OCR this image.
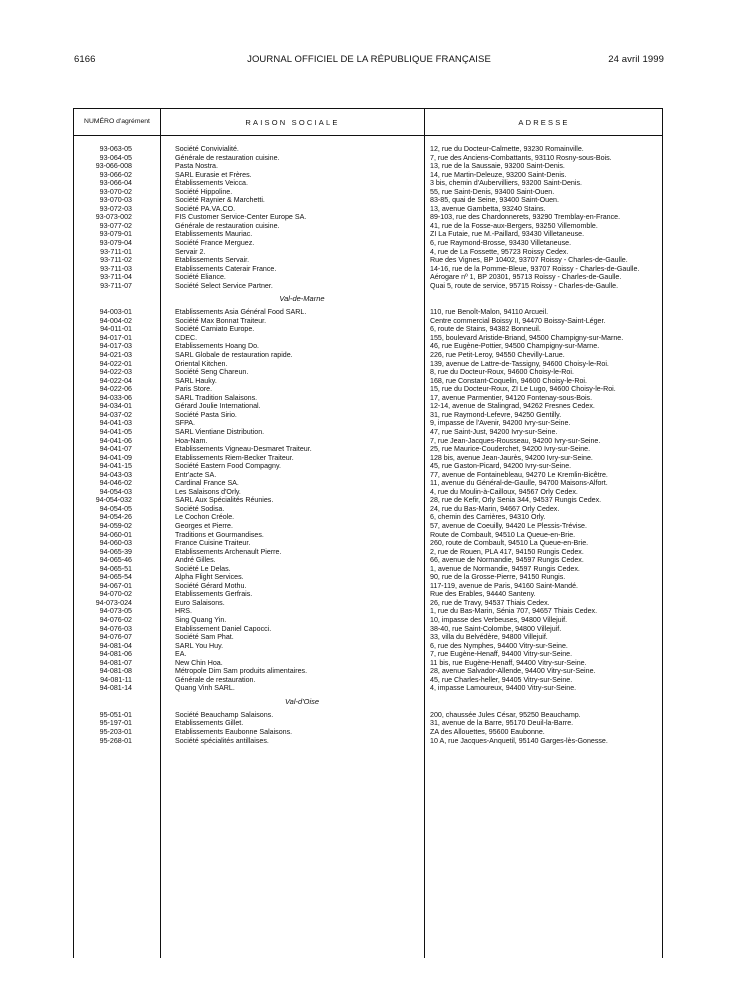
6166	JOURNAL OFFICIEL DE LA RÉPUBLIQUE FRANÇAISE	24 avril 1999
NUMÉRO d'agrément	RAISON SOCIALE	ADRESSE
93-063-05	Société Convivialité.	12, rue du Docteur-Calmette, 93230 Romainville.
93-064-05	Générale de restauration cuisine.	7, rue des Anciens-Combattants, 93110 Rosny-sous-Bois.
93-066-008	Pasta Nostra.	13, rue de la Saussaie, 93200 Saint-Denis.
93-066-02	SARL Eurasie et Frères.	14, rue Martin-Deleuze, 93200 Saint-Denis.
93-066-04	Établissements Veicca.	3 bis, chemin d'Aubervilliers, 93200 Saint-Denis.
93-070-02	Société Hippoline.	55, rue Saint-Denis, 93400 Saint-Ouen.
93-070-03	Société Raynier & Marchetti.	83-85, quai de Seine, 93400 Saint-Ouen.
93-072-03	Société PA.VA.CO.	13, avenue Gambetta, 93240 Stains.
93-073-002	FIS Customer Service-Center Europe SA.	89-103, rue des Chardonnerets, 93290 Tremblay-en-France.
93-077-02	Générale de restauration cuisine.	41, rue de la Fosse-aux-Bergers, 93250 Villemomble.
93-079-01	Etablissements Mauriac.	ZI La Futaie, rue M.-Paillard, 93430 Villetaneuse.
93-079-04	Société France Merguez.	6, rue Raymond-Brosse, 93430 Villetaneuse.
93-711-01	Servair 2.	4, rue de La Fossette, 95723 Roissy Cedex.
93-711-02	Etablissements Servair.	Rue des Vignes, BP 10402, 93707 Roissy - Charles-de-Gaulle.
93-711-03	Etablissements Caterair France.	14-16, rue de la Pomme-Bleue, 93707 Roissy - Charles-de-Gaulle.
93-711-04	Société Eliance.	Aérogare nº 1, BP 20301, 95713 Roissy - Charles-de-Gaulle.
93-711-07	Société Select Service Partner.	Quai 5, route de service, 95715 Roissy - Charles-de-Gaulle.
Val-de-Marne
94-003-01	Etablissements Asia Général Food SARL.	110, rue Benoît-Malon, 94110 Arcueil.
94-004-02	Société Max Bonnat Traiteur.	Centre commercial Boissy II, 94470 Boissy-Saint-Léger.
94-011-01	Société Carniato Europe.	6, route de Stains, 94382 Bonneuil.
94-017-01	CDEC.	155, boulevard Aristide-Briand, 94500 Champigny-sur-Marne.
94-017-03	Etablissements Hoang Do.	46, rue Eugène-Pottier, 94500 Champigny-sur-Marne.
94-021-03	SARL Globale de restauration rapide.	226, rue Petit-Leroy, 94550 Chevilly-Larue.
94-022-01	Oriental Kitchen.	139, avenue de Lattre-de-Tassigny, 94600 Choisy-le-Roi.
94-022-03	Société Seng Chareun.	8, rue du Docteur-Roux, 94600 Choisy-le-Roi.
94-022-04	SARL Hauky.	168, rue Constant-Coquelin, 94600 Choisy-le-Roi.
94-022-06	Paris Store.	15, rue du Docteur-Roux, ZI Le Lugo, 94600 Choisy-le-Roi.
94-033-06	SARL Tradition Salaisons.	17, avenue Parmentier, 94120 Fontenay-sous-Bois.
94-034-01	Gérard Joulie International.	12-14, avenue de Stalingrad, 94262 Fresnes Cedex.
94-037-02	Société Pasta Sirio.	31, rue Raymond-Lefevre, 94250 Gentilly.
94-041-03	SFPA.	9, impasse de l'Avenir, 94200 Ivry-sur-Seine.
94-041-05	SARL Vientiane Distribution.	47, rue Saint-Just, 94200 Ivry-sur-Seine.
94-041-06	Hoa-Nam.	7, rue Jean-Jacques-Rousseau, 94200 Ivry-sur-Seine.
94-041-07	Etablissements Vigneau-Desmaret Traiteur.	25, rue Maurice-Couderchet, 94200 Ivry-sur-Seine.
94-041-09	Etablissements Riem-Becker Traiteur.	128 bis, avenue Jean-Jaurès, 94200 Ivry-sur-Seine.
94-041-15	Société Eastern Food Compagny.	45, rue Gaston-Picard, 94200 Ivry-sur-Seine.
94-043-03	Entr'acte SA.	77, avenue de Fontainebleau, 94270 Le Kremlin-Bicêtre.
94-046-02	Cardinal France SA.	11, avenue du Général-de-Gaulle, 94700 Maisons-Alfort.
94-054-03	Les Salaisons d'Orly.	4, rue du Moulin-à-Cailloux, 94567 Orly Cedex.
94-054-032	SARL Aux Spécialités Réunies.	28, rue de Kefir, Orly Senia 344, 94537 Rungis Cedex.
94-054-05	Société Sodisa.	24, rue du Bas-Marin, 94667 Orly Cedex.
94-054-26	Le Cochon Créole.	6, chemin des Carrières, 94310 Orly.
94-059-02	Georges et Pierre.	57, avenue de Coeuilly, 94420 Le Plessis-Trévise.
94-060-01	Traditions et Gourmandises.	Route de Combault, 94510 La Queue-en-Brie.
94-060-03	France Cuisine Traiteur.	260, route de Combault, 94510 La Queue-en-Brie.
94-065-39	Etablissements Archenault Pierre.	2, rue de Rouen, PLA 417, 94150 Rungis Cedex.
94-065-46	André Gilles.	66, avenue de Normandie, 94597 Rungis Cedex.
94-065-51	Société Le Delas.	1, avenue de Normandie, 94597 Rungis Cedex.
94-065-54	Alpha Flight Services.	90, rue de la Grosse-Pierre, 94150 Rungis.
94-067-01	Société Gérard Mothu.	117-119, avenue de Paris, 94160 Saint-Mandé.
94-070-02	Etablissements Gerfrais.	Rue des Erables, 94440 Santeny.
94-073-024	Euro Salaisons.	26, rue de Travy, 94537 Thiais Cedex.
94-073-05	HRS.	1, rue du Bas-Marin, Sénia 707, 94657 Thiais Cedex.
94-076-02	Sing Quang Yin.	10, impasse des Verbeuses, 94800 Villejuif.
94-076-03	Etablissement Daniel Capocci.	38-40, rue Saint-Colombe, 94800 Villejuif.
94-076-07	Société Sam Phat.	33, villa du Belvédère, 94800 Villejuif.
94-081-04	SARL You Huy.	6, rue des Nymphes, 94400 Vitry-sur-Seine.
94-081-06	EA.	7, rue Eugène-Henaff, 94400 Vitry-sur-Seine.
94-081-07	New Chin Hoa.	11 bis, rue Eugène-Henaff, 94400 Vitry-sur-Seine.
94-081-08	Métropole Dim Sam produits alimentaires.	28, avenue Salvador-Allende, 94400 Vitry-sur-Seine.
94-081-11	Générale de restauration.	45, rue Charles-heller, 94405 Vitry-sur-Seine.
94-081-14	Quang Vinh SARL.	4, impasse Lamoureux, 94400 Vitry-sur-Seine.
Val-d'Oise
95-051-01	Société Beauchamp Salaisons.	200, chaussée Jules César, 95250 Beauchamp.
95-197-01	Etablissements Gillet.	31, avenue de la Barre, 95170 Deuil-la-Barre.
95-203-01	Etablissements Eaubonne Salaisons.	ZA des Allouettes, 95600 Eaubonne.
95-268-01	Société spécialités antillaises.	10 A, rue Jacques-Anquetil, 95140 Garges-lès-Gonesse.
